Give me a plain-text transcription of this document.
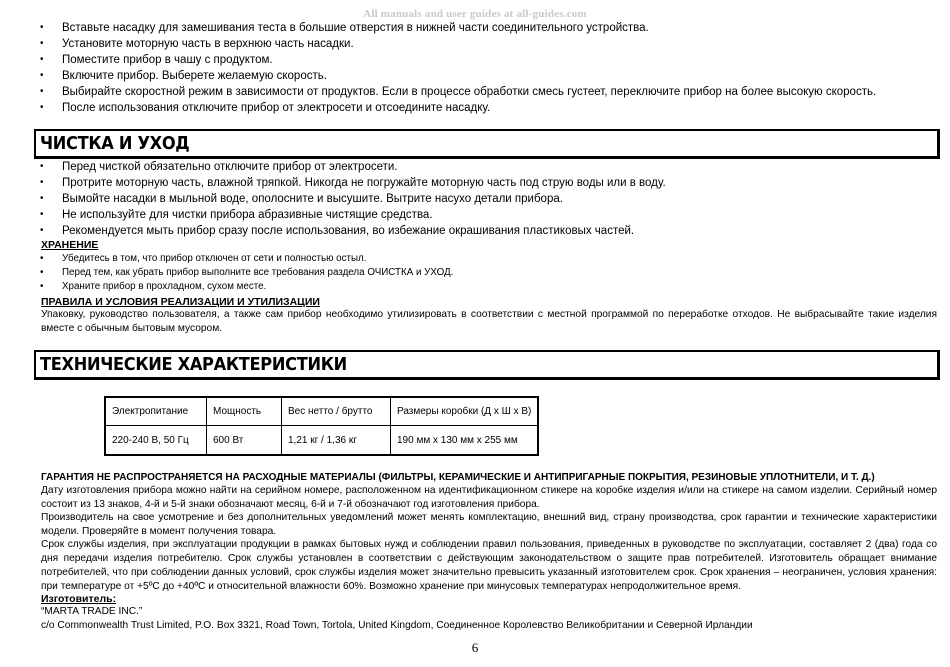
All manuals and user guides at all-guides.com
• Вставьте насадку для замешивания теста в большие отверстия в нижней части соединительного устройства.
• Установите моторную часть в верхнюю часть насадки.
• Поместите прибор в чашу с продуктом.
• Включите прибор. Выберете желаемую скорость.
• Выбирайте скоростной режим в зависимости от продуктов. Если в процессе обработки смесь густеет, переключите прибор на более высокую скорость.
• После использования отключите прибор от электросети и отсоедините насадку.
ЧИСТКА И УХОД
• Перед чисткой обязательно отключите прибор от электросети.
• Протрите моторную часть, влажной тряпкой. Никогда не погружайте моторную часть под струю воды или в воду.
• Вымойте насадки в мыльной воде, ополосните и высушите. Вытрите насухо детали прибора.
• Не используйте для чистки прибора абразивные чистящие средства.
• Рекомендуется мыть прибор сразу после использования, во избежание окрашивания пластиковых частей.
ХРАНЕНИЕ
• Убедитесь в том, что прибор отключен от сети и полностью остыл.
• Перед тем, как убрать прибор выполните все требования раздела ОЧИСТКА и УХОД.
• Храните прибор в прохладном, сухом месте.
ПРАВИЛА И УСЛОВИЯ РЕАЛИЗАЦИИ И УТИЛИЗАЦИИ
Упаковку, руководство пользователя, а также сам прибор необходимо утилизировать в соответствии с местной программой по переработке отходов. Не выбрасывайте такие изделия вместе с обычным бытовым мусором.
ТЕХНИЧЕСКИЕ ХАРАКТЕРИСТИКИ
Электропитание	Мощность	Вес нетто / брутто	Размеры коробки (Д х Ш х В)
220-240 В, 50 Гц	600 Вт	1,21 кг / 1,36 кг	190 мм х 130 мм х 255 мм
ГАРАНТИЯ НЕ РАСПРОСТРАНЯЕТСЯ НА РАСХОДНЫЕ МАТЕРИАЛЫ (ФИЛЬТРЫ, КЕРАМИЧЕСКИЕ И АНТИПРИГАРНЫЕ ПОКРЫТИЯ, РЕЗИНОВЫЕ УПЛОТНИТЕЛИ, И Т. Д.)
Дату изготовления прибора можно найти на серийном номере, расположенном на идентификационном стикере на коробке изделия и/или на стикере на самом изделии. Серийный номер состоит из 13 знаков, 4-й и 5-й знаки обозначают месяц, 6-й и 7-й обозначают год изготовления прибора.
Производитель на свое усмотрение и без дополнительных уведомлений может менять комплектацию, внешний вид, страну производства, срок гарантии и технические характеристики модели. Проверяйте в момент получения товара.
Срок службы изделия, при эксплуатации продукции в рамках бытовых нужд и соблюдении правил пользования, приведенных в руководстве по эксплуатации, составляет 2 (два) года со дня передачи изделия потребителю. Срок службы установлен в соответствии с действующим законодательством о защите прав потребителей. Изготовитель обращает внимание потребителей, что при соблюдении данных условий, срок службы изделия может значительно превысить указанный изготовителем срок. Срок хранения – неограничен, условия хранения: при температуре от +5ºC до +40ºC и относительной влажности 60%. Возможно хранение при минусовых температурах непродолжительное время.
Изготовитель:
“MARTA TRADE INC.”
c/o Commonwealth Trust Limited, P.O. Box 3321, Road Town, Tortola, United Kingdom, Соединенное Королевство Великобритании и Северной Ирландии
6
